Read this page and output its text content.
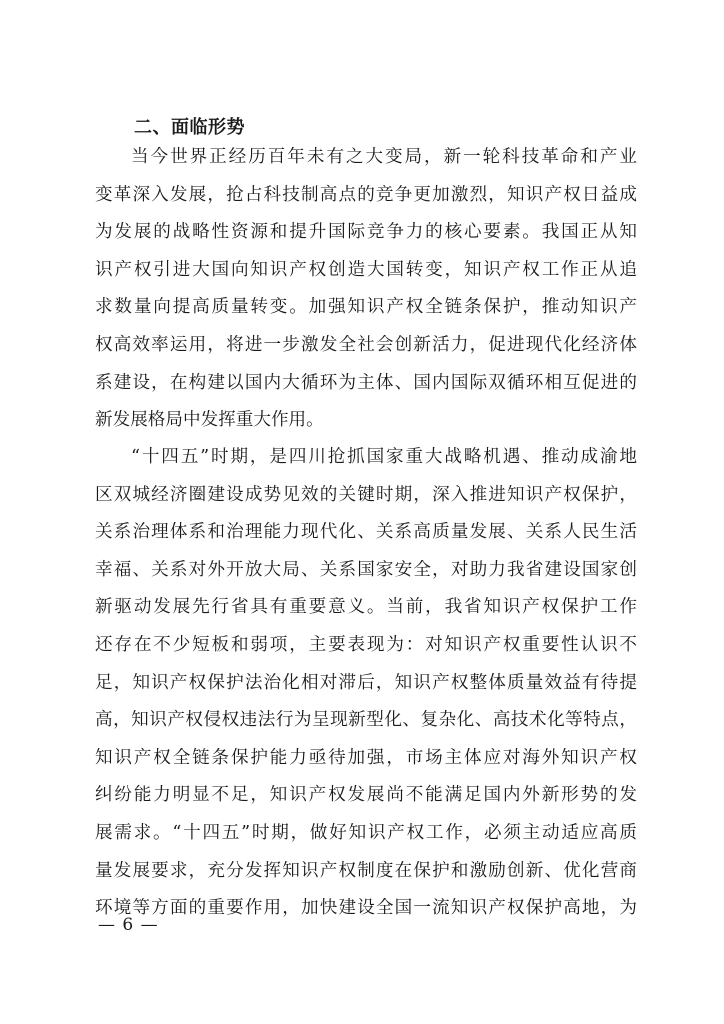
二、面临形势
当今世界正经历百年未有之大变局，新一轮科技革命和产业
变革深入发展，抢占科技制高点的竞争更加激烈，知识产权日益成
为发展的战略性资源和提升国际竞争力的核心要素。我国正从知
识产权引进大国向知识产权创造大国转变，知识产权工作正从追
求数量向提高质量转变。加强知识产权全链条保护，推动知识产
权高效率运用，将进一步激发全社会创新活力，促进现代化经济体
系建设，在构建以国内大循环为主体、国内国际双循环相互促进的
新发展格局中发挥重大作用。
“十四五”时期，是四川抢抓国家重大战略机遇、推动成渝地
区双城经济圈建设成势见效的关键时期，深入推进知识产权保护，
关系治理体系和治理能力现代化、关系高质量发展、关系人民生活
幸福、关系对外开放大局、关系国家安全，对助力我省建设国家创
新驱动发展先行省具有重要意义。当前，我省知识产权保护工作
还存在不少短板和弱项，主要表现为：对知识产权重要性认识不
足，知识产权保护法治化相对滞后，知识产权整体质量效益有待提
高，知识产权侵权违法行为呈现新型化、复杂化、高技术化等特点，
知识产权全链条保护能力亟待加强，市场主体应对海外知识产权
纠纷能力明显不足，知识产权发展尚不能满足国内外新形势的发
展需求。“十四五”时期，做好知识产权工作，必须主动适应高质
量发展要求，充分发挥知识产权制度在保护和激励创新、优化营商
环境等方面的重要作用，加快建设全国一流知识产权保护高地，为
— 6 —
